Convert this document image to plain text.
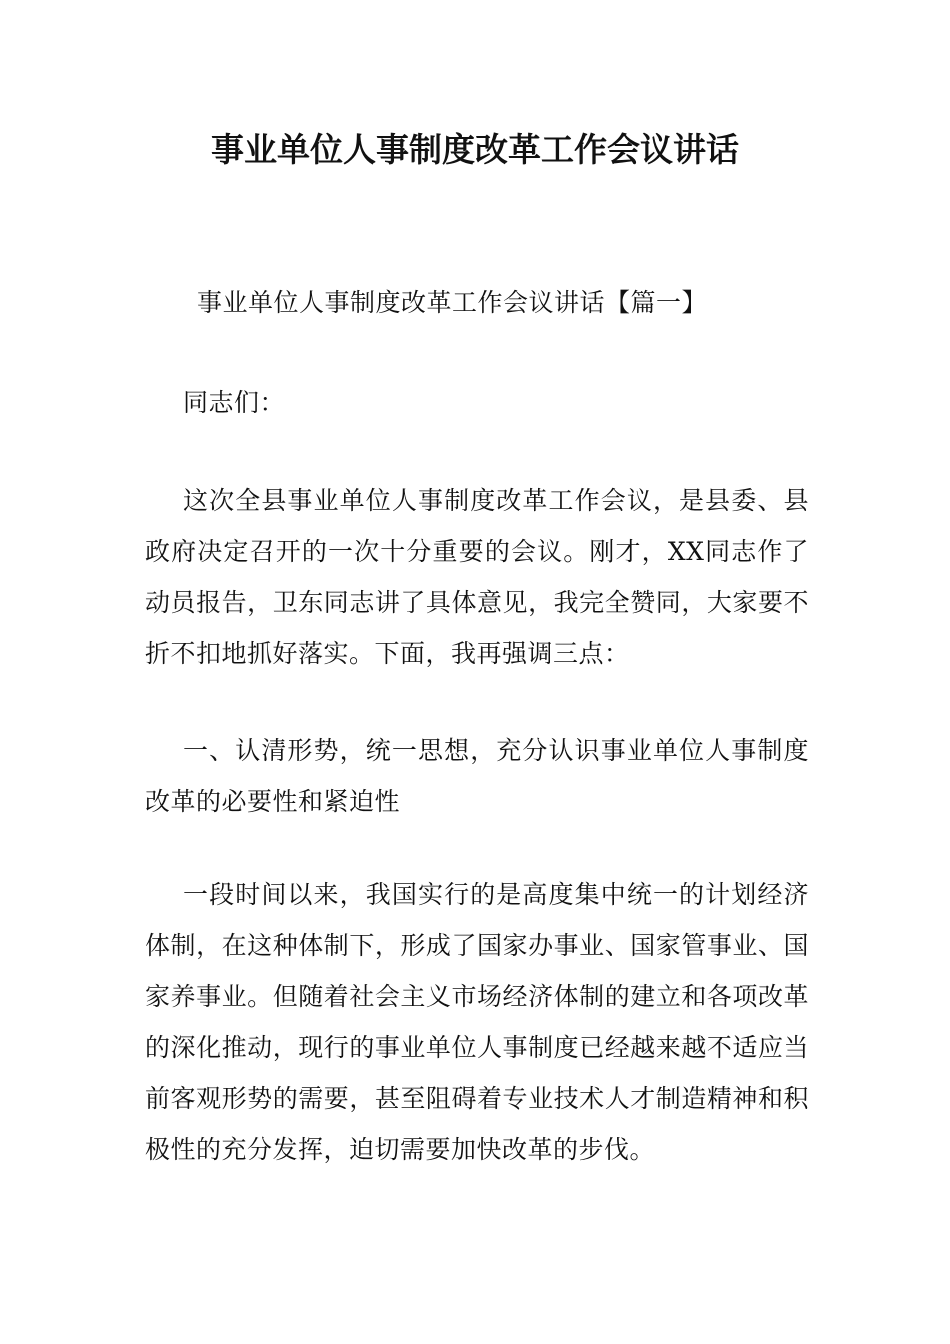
事业单位人事制度改革工作会议讲话

事业单位人事制度改革工作会议讲话【篇一】

同志们：

这次全县事业单位人事制度改革工作会议，是县委、县政府决定召开的一次十分重要的会议。刚才，XX同志作了动员报告，卫东同志讲了具体意见，我完全赞同，大家要不折不扣地抓好落实。下面，我再强调三点：

一、认清形势，统一思想，充分认识事业单位人事制度改革的必要性和紧迫性

一段时间以来，我国实行的是高度集中统一的计划经济体制，在这种体制下，形成了国家办事业、国家管事业、国家养事业。但随着社会主义市场经济体制的建立和各项改革的深化推动，现行的事业单位人事制度已经越来越不适应当前客观形势的需要，甚至阻碍着专业技术人才制造精神和积极性的充分发挥，迫切需要加快改革的步伐。
